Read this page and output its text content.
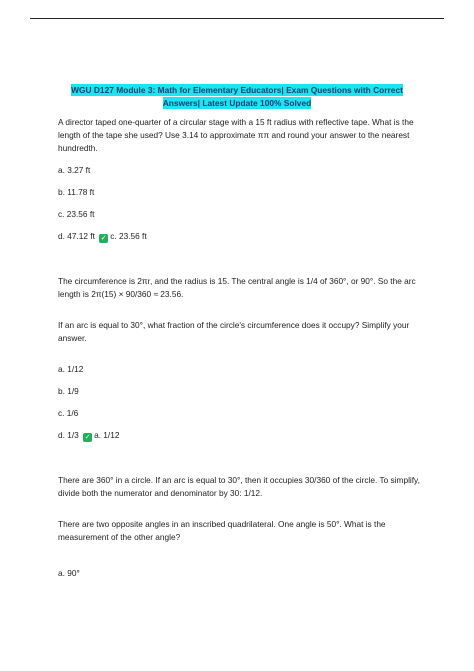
WGU D127 Module 3: Math for Elementary Educators| Exam Questions with Correct
Answers| Latest Update 100% Solved

A director taped one-quarter of a circular stage with a 15 ft radius with reflective tape. What is the length of the tape she used? Use 3.14 to approximate ππ and round your answer to the nearest hundredth.

a. 3.27 ft

b. 11.78 ft

c. 23.56 ft

d. 47.12 ft ✓ c. 23.56 ft

The circumference is 2πr, and the radius is 15. The central angle is 1/4 of 360°, or 90°. So the arc length is 2π(15) × 90/360 ≈ 23.56.

If an arc is equal to 30°, what fraction of the circle's circumference does it occupy? Simplify your answer.

a. 1/12

b. 1/9

c. 1/6

d. 1/3 ✓ a. 1/12

There are 360° in a circle. If an arc is equal to 30°, then it occupies 30/360 of the circle. To simplify, divide both the numerator and denominator by 30: 1/12.

There are two opposite angles in an inscribed quadrilateral. One angle is 50°. What is the measurement of the other angle?

a. 90°
